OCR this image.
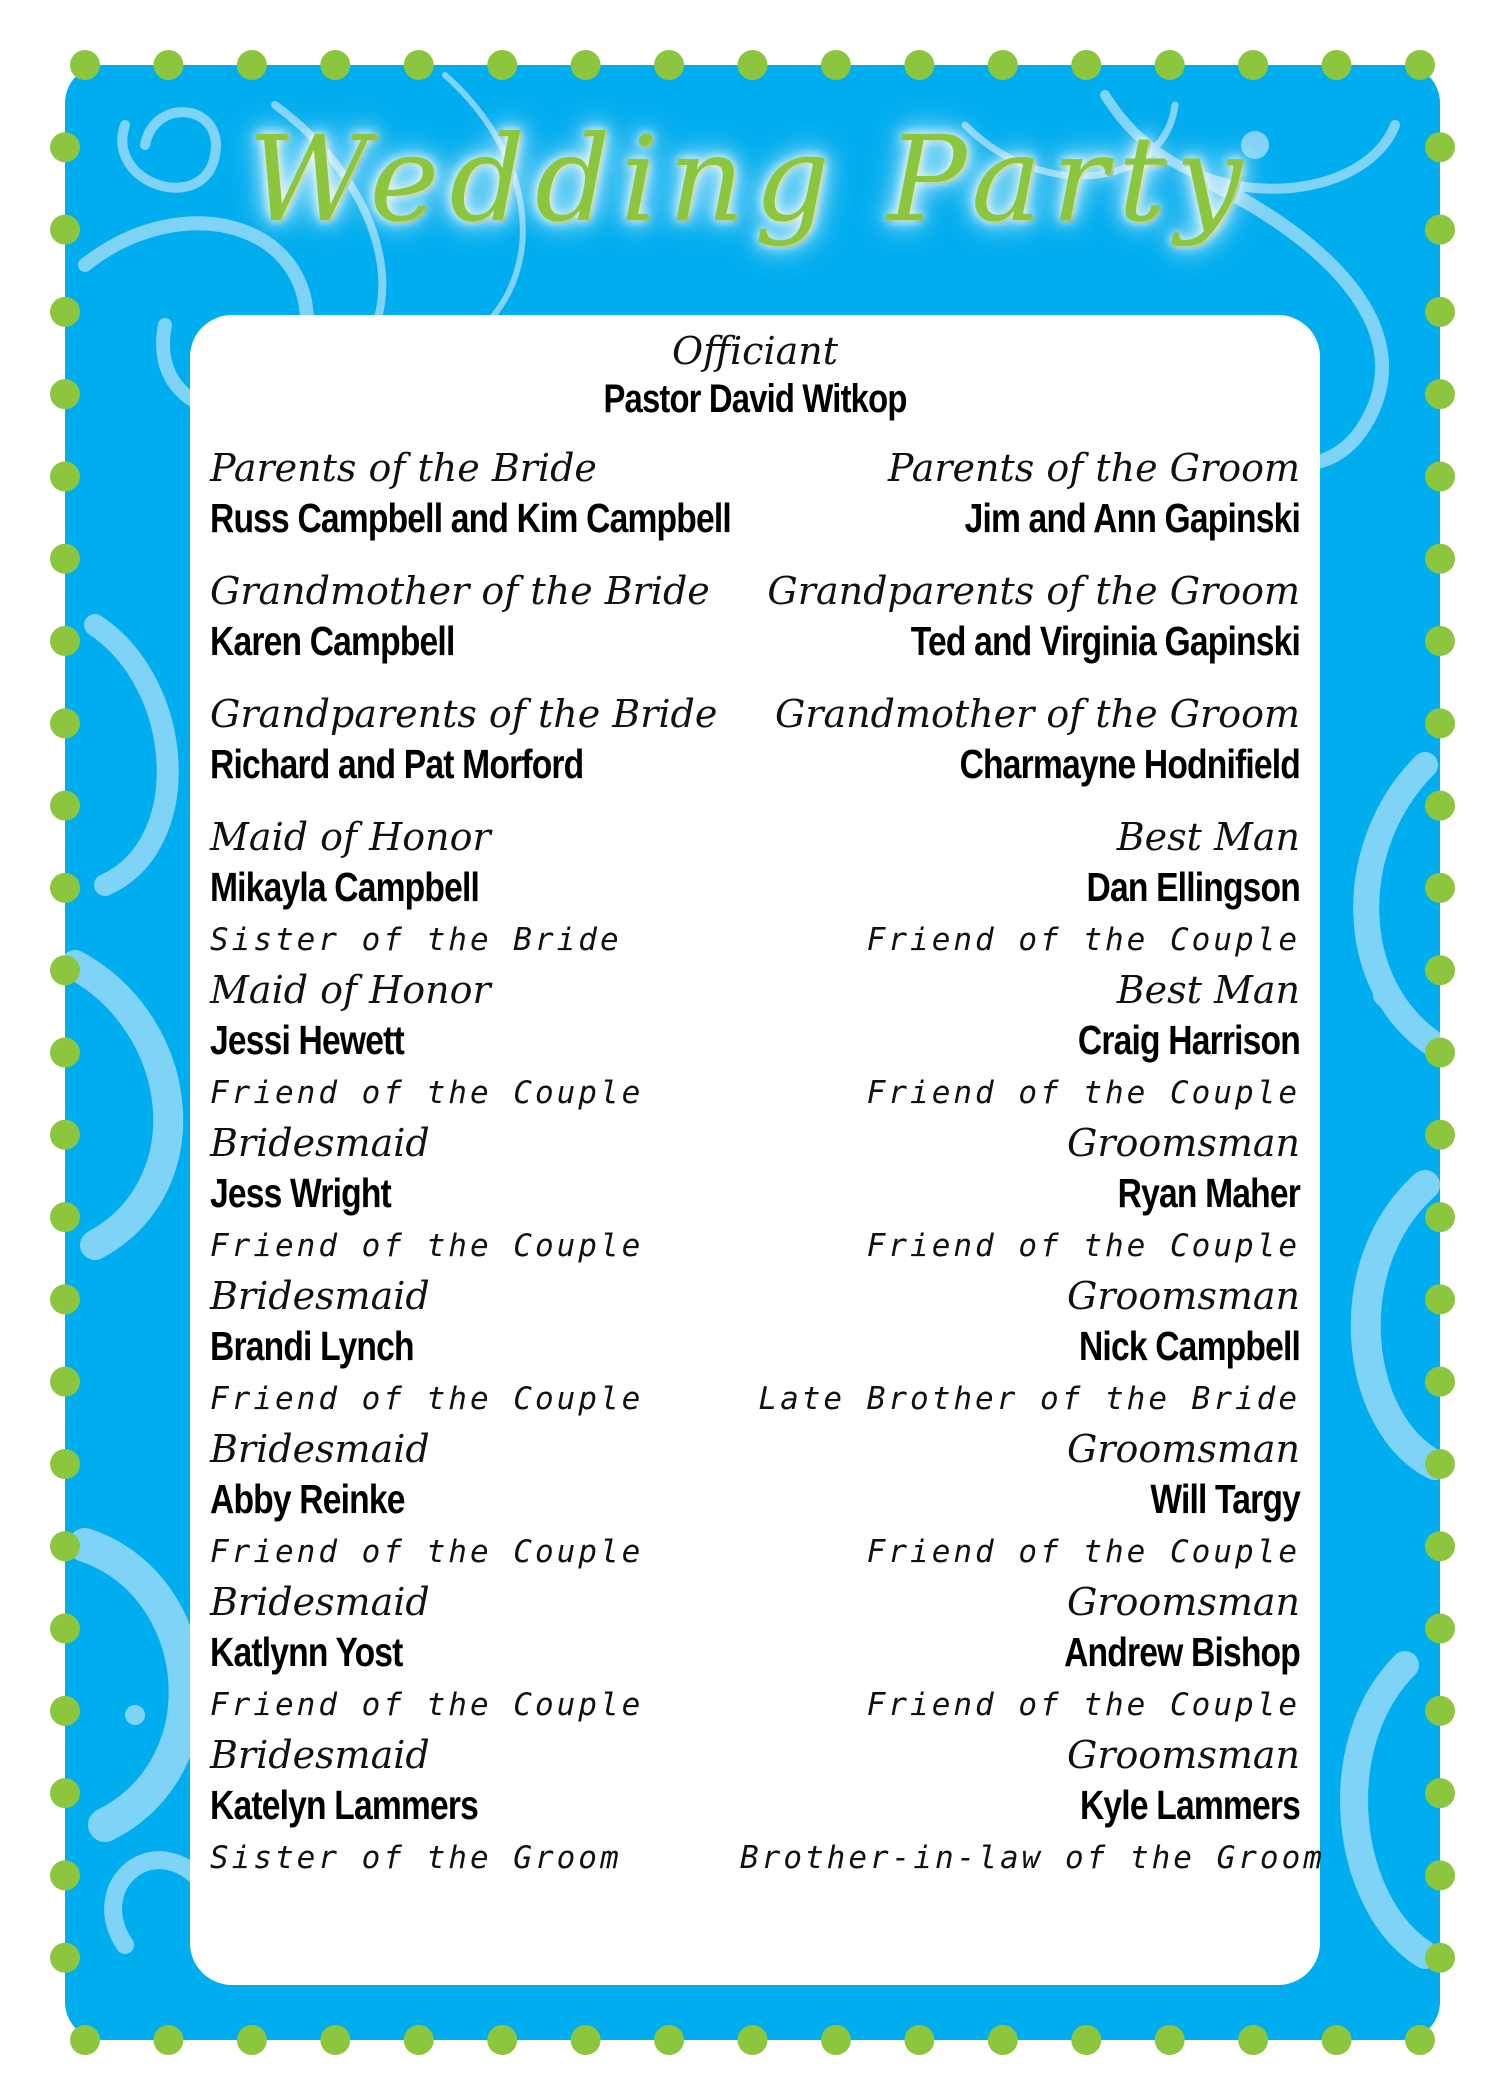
Wedding Party
Officiant
Pastor David Witkop
Parents of the Bride
Russ Campbell and Kim Campbell
Grandmother of the Bride
Karen Campbell
Grandparents of the Bride
Richard and Pat Morford
Maid of Honor
Mikayla Campbell
Sister of the Bride
Maid of Honor
Jessi Hewett
Friend of the Couple
Bridesmaid
Jess Wright
Friend of the Couple
Bridesmaid
Brandi Lynch
Friend of the Couple
Bridesmaid
Abby Reinke
Friend of the Couple
Bridesmaid
Katlynn Yost
Friend of the Couple
Bridesmaid
Katelyn Lammers
Sister of the Groom
Parents of the Groom
Jim and Ann Gapinski
Grandparents of the Groom
Ted and Virginia Gapinski
Grandmother of the Groom
Charmayne Hodnifield
Best Man
Dan Ellingson
Friend of the Couple
Best Man
Craig Harrison
Friend of the Couple
Groomsman
Ryan Maher
Friend of the Couple
Groomsman
Nick Campbell
Late Brother of the Bride
Groomsman
Will Targy
Friend of the Couple
Groomsman
Andrew Bishop
Friend of the Couple
Groomsman
Kyle Lammers
Brother-in-law of the Groom
